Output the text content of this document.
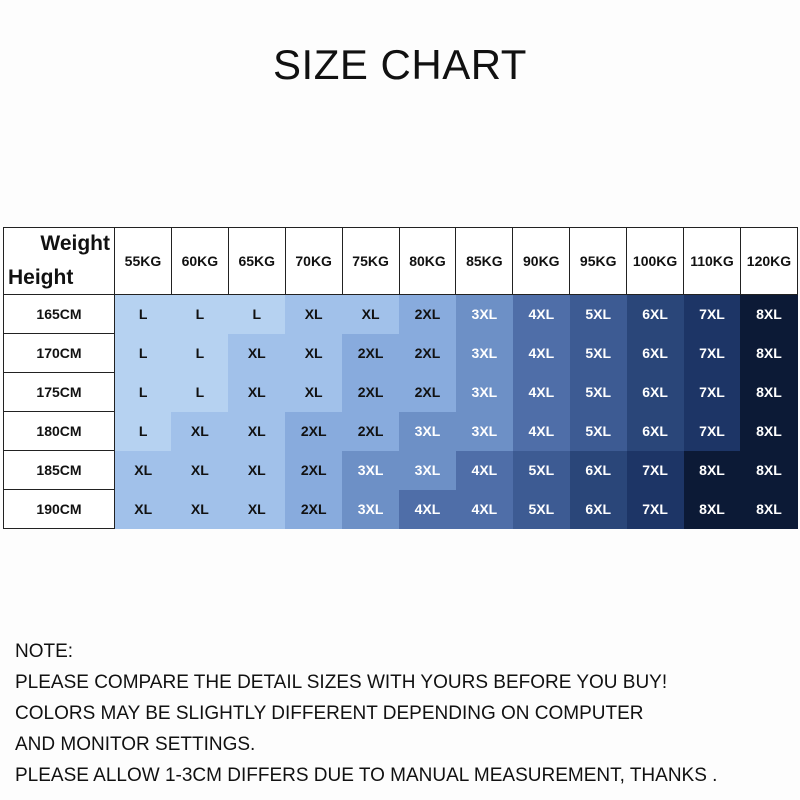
SIZE CHART
Weight
Height	55KG	60KG	65KG	70KG	75KG	80KG	85KG	90KG	95KG	100KG	110KG	120KG
165CM	L	L	L	XL	XL	2XL	3XL	4XL	5XL	6XL	7XL	8XL
170CM	L	L	XL	XL	2XL	2XL	3XL	4XL	5XL	6XL	7XL	8XL
175CM	L	L	XL	XL	2XL	2XL	3XL	4XL	5XL	6XL	7XL	8XL
180CM	L	XL	XL	2XL	2XL	3XL	3XL	4XL	5XL	6XL	7XL	8XL
185CM	XL	XL	XL	2XL	3XL	3XL	4XL	5XL	6XL	7XL	8XL	8XL
190CM	XL	XL	XL	2XL	3XL	4XL	4XL	5XL	6XL	7XL	8XL	8XL
NOTE:
PLEASE COMPARE THE DETAIL SIZES WITH YOURS BEFORE YOU BUY!
COLORS MAY BE SLIGHTLY DIFFERENT DEPENDING ON COMPUTER
AND MONITOR SETTINGS.
PLEASE ALLOW 1-3CM DIFFERS DUE TO MANUAL MEASUREMENT, THANKS .
